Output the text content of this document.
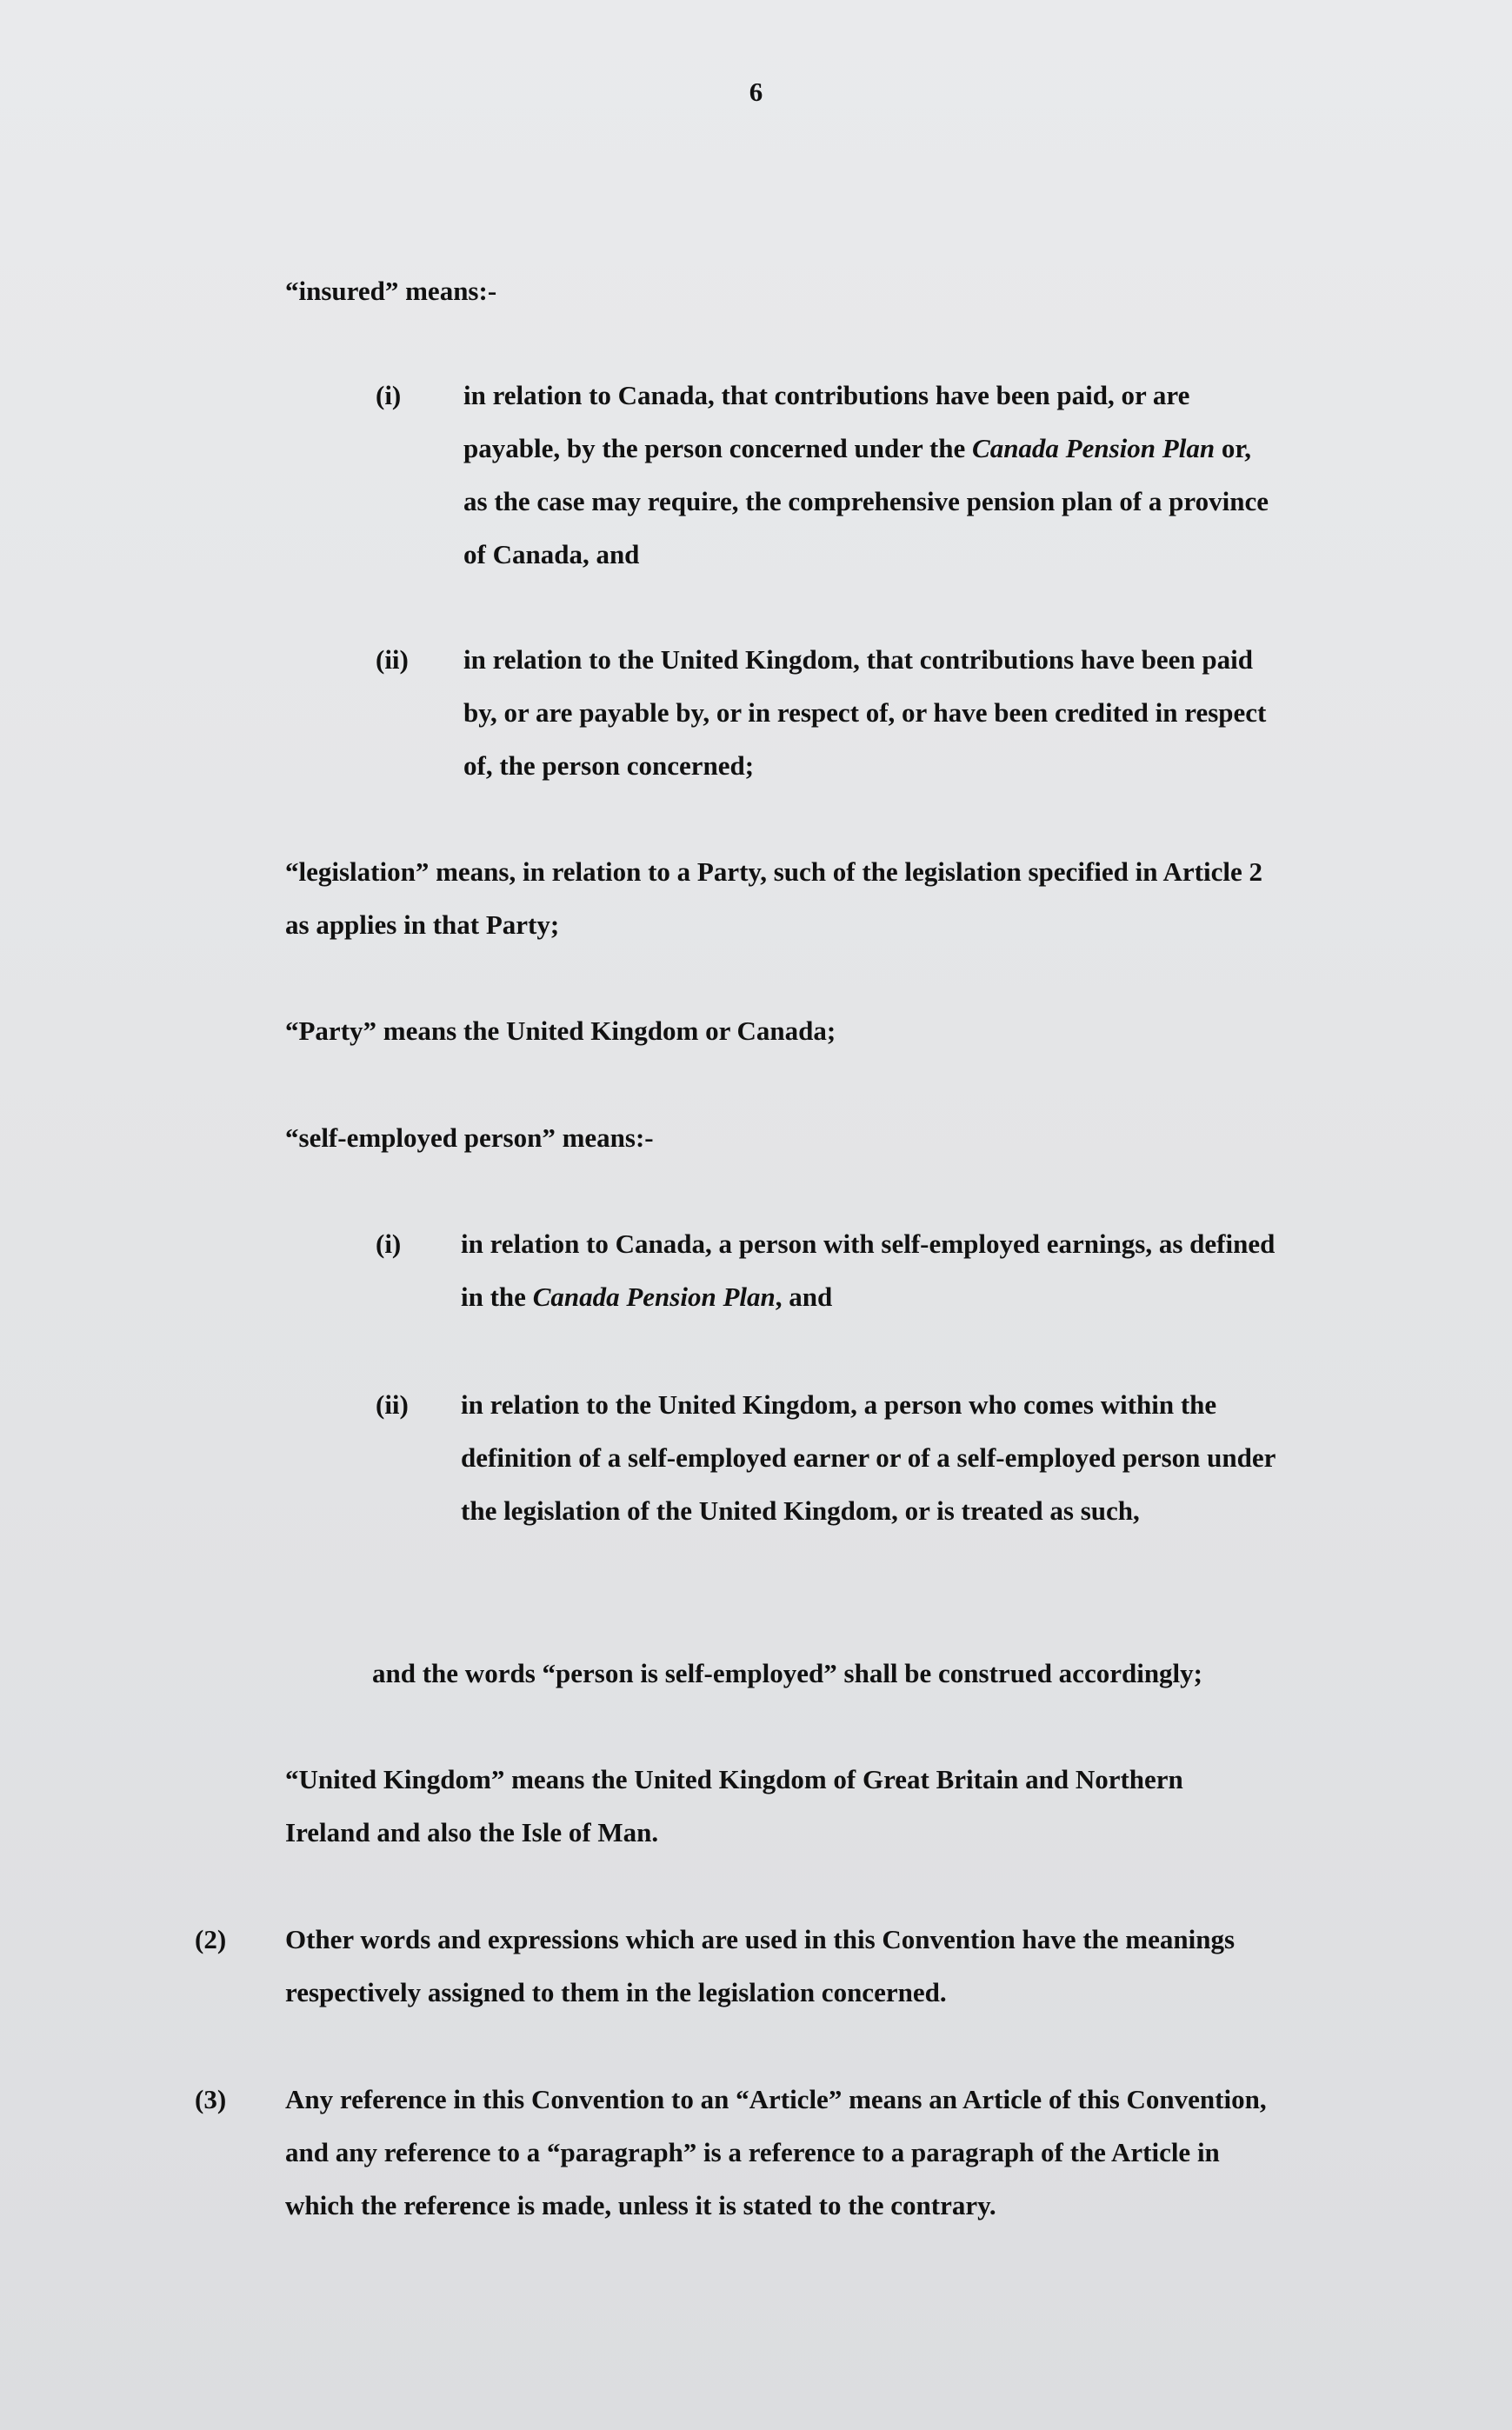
6

“insured” means:-

(i) in relation to Canada, that contributions have been paid, or are payable, by the person concerned under the Canada Pension Plan or, as the case may require, the comprehensive pension plan of a province of Canada, and

(ii) in relation to the United Kingdom, that contributions have been paid by, or are payable by, or in respect of, or have been credited in respect of, the person concerned;

“legislation” means, in relation to a Party, such of the legislation specified in Article 2 as applies in that Party;

“Party” means the United Kingdom or Canada;

“self-employed person” means:-

(i) in relation to Canada, a person with self-employed earnings, as defined in the Canada Pension Plan, and

(ii) in relation to the United Kingdom, a person who comes within the definition of a self-employed earner or of a self-employed person under the legislation of the United Kingdom, or is treated as such,

and the words “person is self-employed” shall be construed accordingly;

“United Kingdom” means the United Kingdom of Great Britain and Northern Ireland and also the Isle of Man.

(2) Other words and expressions which are used in this Convention have the meanings respectively assigned to them in the legislation concerned.

(3) Any reference in this Convention to an “Article” means an Article of this Convention, and any reference to a “paragraph” is a reference to a paragraph of the Article in which the reference is made, unless it is stated to the contrary.
